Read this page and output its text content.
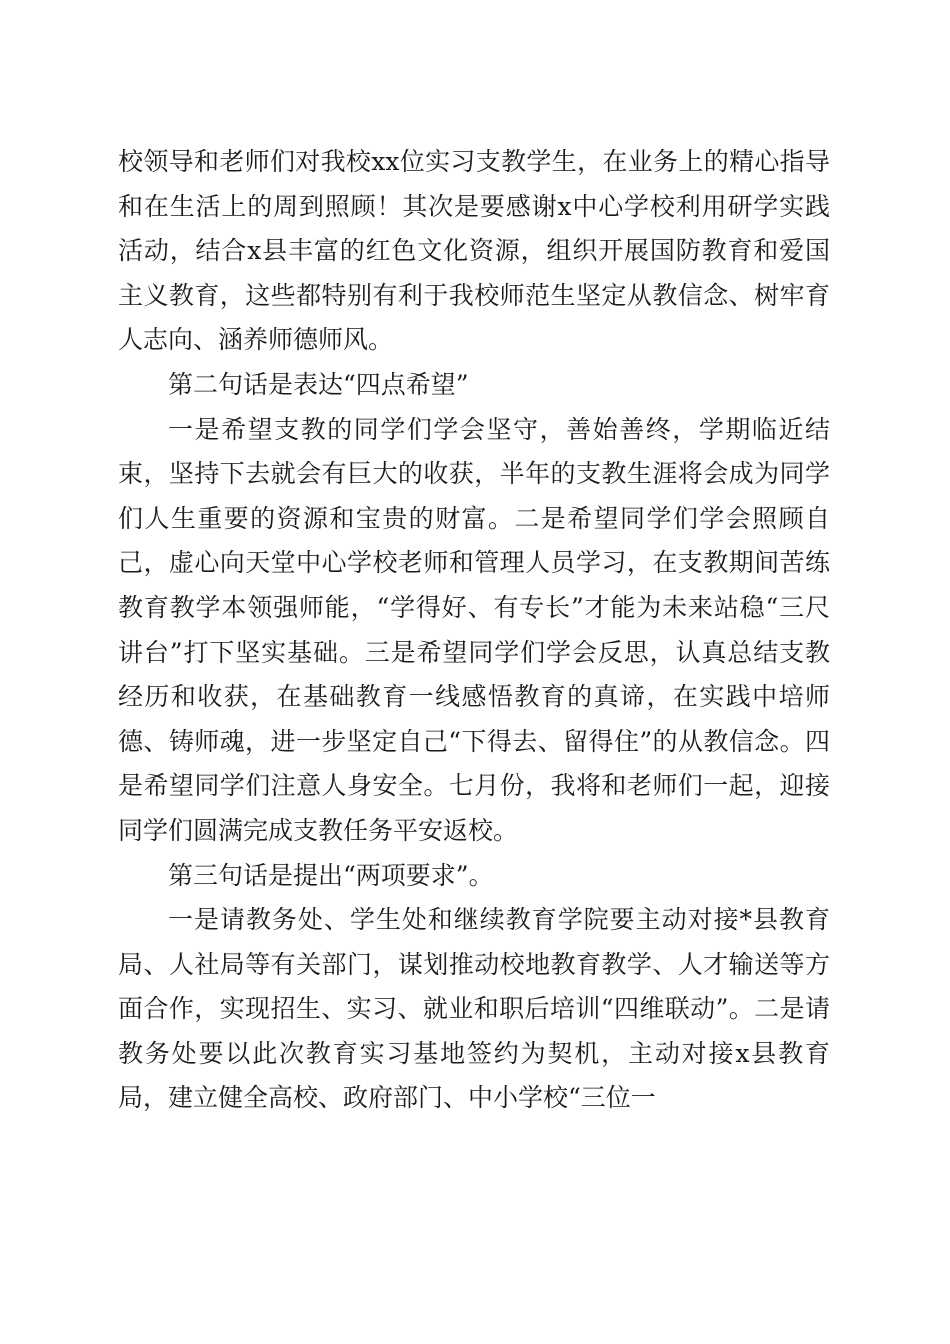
校领导和老师们对我校xx位实习支教学生，在业务上的精心指导和在生活上的周到照顾！其次是要感谢x中心学校利用研学实践活动，结合x县丰富的红色文化资源，组织开展国防教育和爱国主义教育，这些都特别有利于我校师范生坚定从教信念、树牢育人志向、涵养师德师风。

第二句话是表达“四点希望”

一是希望支教的同学们学会坚守，善始善终，学期临近结束，坚持下去就会有巨大的收获，半年的支教生涯将会成为同学们人生重要的资源和宝贵的财富。二是希望同学们学会照顾自己，虚心向天堂中心学校老师和管理人员学习，在支教期间苦练教育教学本领强师能，“学得好、有专长”才能为未来站稳“三尺讲台”打下坚实基础。三是希望同学们学会反思，认真总结支教经历和收获，在基础教育一线感悟教育的真谛，在实践中培师德、铸师魂，进一步坚定自己“下得去、留得住”的从教信念。四是希望同学们注意人身安全。七月份，我将和老师们一起，迎接同学们圆满完成支教任务平安返校。

第三句话是提出“两项要求”。

一是请教务处、学生处和继续教育学院要主动对接*县教育局、人社局等有关部门，谋划推动校地教育教学、人才输送等方面合作，实现招生、实习、就业和职后培训“四维联动”。二是请教务处要以此次教育实习基地签约为契机，主动对接x县教育局，建立健全高校、政府部门、中小学校“三位一
